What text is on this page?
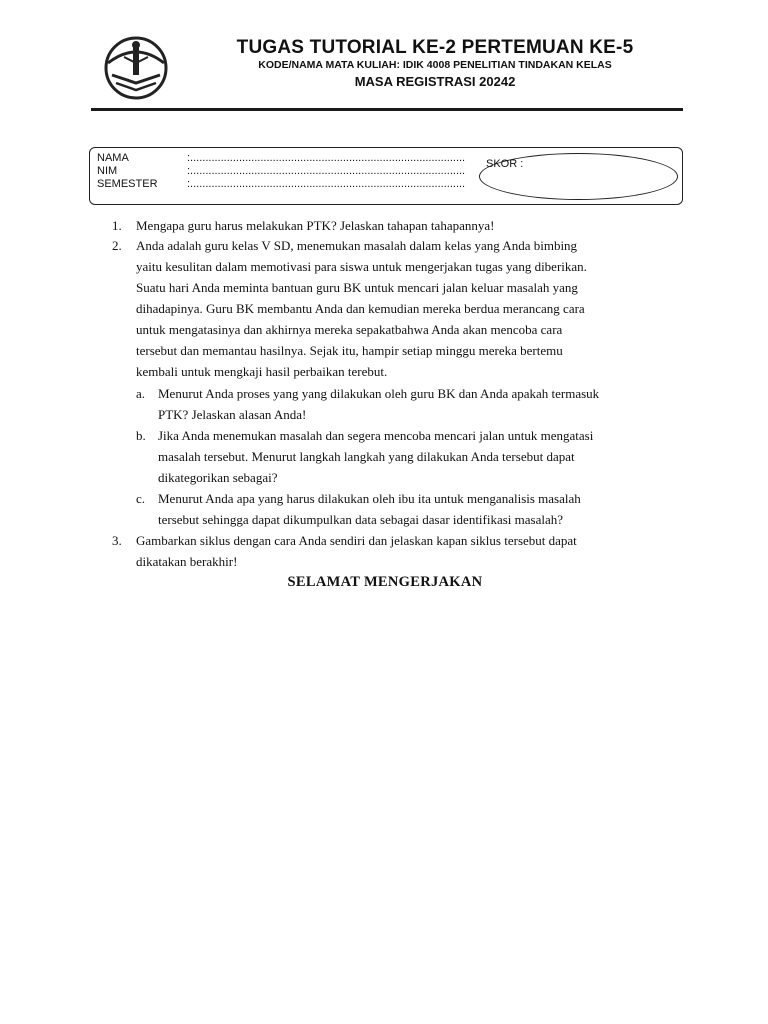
TUGAS TUTORIAL KE-2 PERTEMUAN KE-5
KODE/NAMA MATA KULIAH: IDIK 4008 PENELITIAN TINDAKAN KELAS
MASA REGISTRASI 20242
NAMA	:..........................................................................................
NIM	:..........................................................................................
SEMESTER	:..........................................................................................
SKOR :
1. Mengapa guru harus melakukan PTK? Jelaskan tahapan tahapannya!
2. Anda adalah guru kelas V SD, menemukan masalah dalam kelas yang Anda bimbing
yaitu kesulitan dalam memotivasi para siswa untuk mengerjakan tugas yang diberikan.
Suatu hari Anda meminta bantuan guru BK untuk mencari jalan keluar masalah yang
dihadapinya. Guru BK membantu Anda dan kemudian mereka berdua merancang cara
untuk mengatasinya dan akhirnya mereka sepakatbahwa Anda akan mencoba cara
tersebut dan memantau hasilnya. Sejak itu, hampir setiap minggu mereka bertemu
kembali untuk mengkaji hasil perbaikan terebut.
a. Menurut Anda proses yang yang dilakukan oleh guru BK dan Anda apakah termasuk
PTK? Jelaskan alasan Anda!
b. Jika Anda menemukan masalah dan segera mencoba mencari jalan untuk mengatasi
masalah tersebut. Menurut langkah langkah yang dilakukan Anda tersebut dapat
dikategorikan sebagai?
c. Menurut Anda apa yang harus dilakukan oleh ibu ita untuk menganalisis masalah
tersebut sehingga dapat dikumpulkan data sebagai dasar identifikasi masalah?
3. Gambarkan siklus dengan cara Anda sendiri dan jelaskan kapan siklus tersebut dapat
dikatakan berakhir!
SELAMAT MENGERJAKAN
